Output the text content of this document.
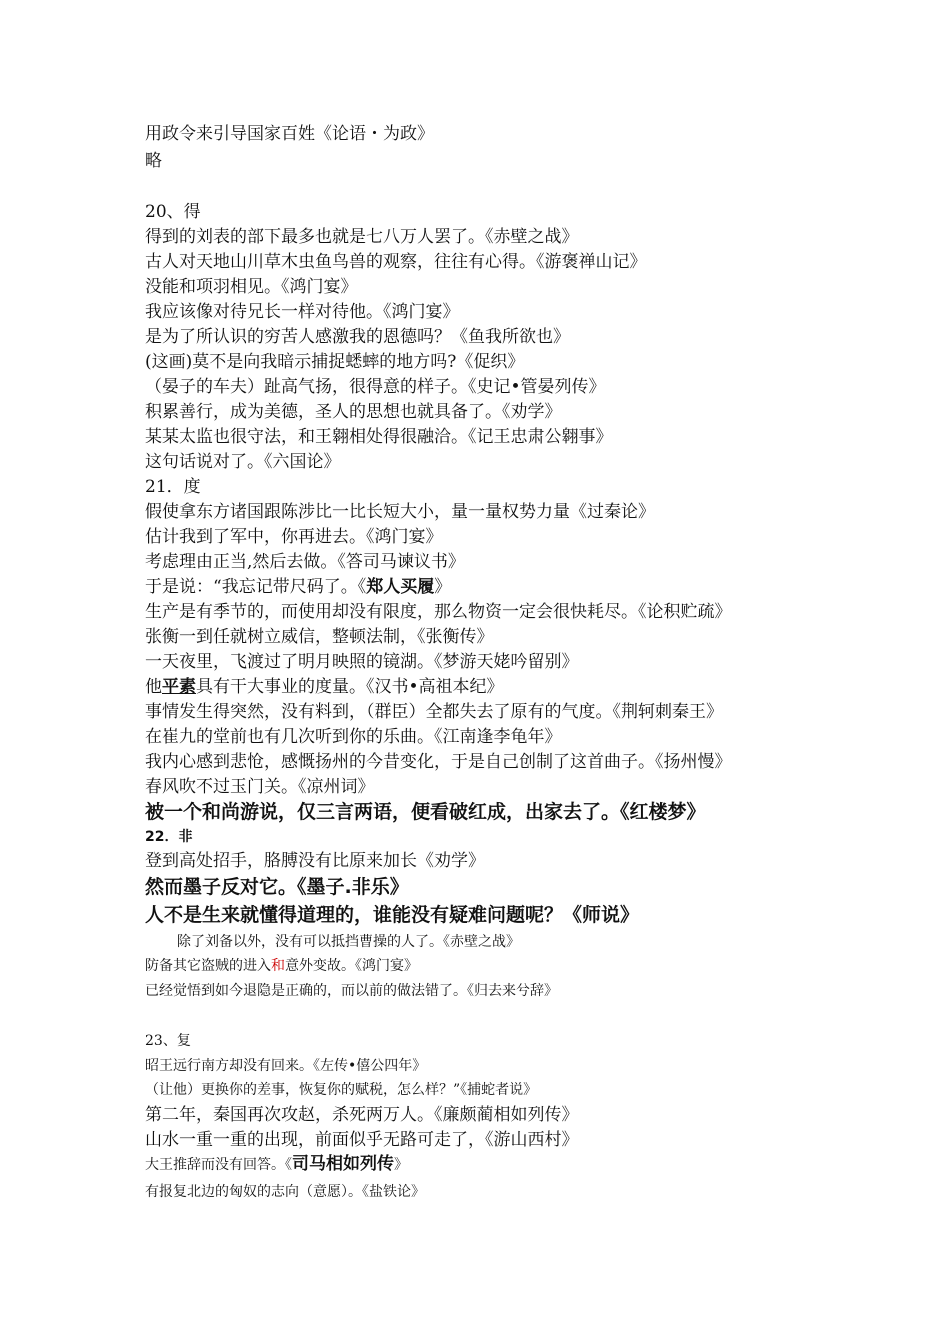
用政令来引导国家百姓《论语・为政》
略
20、得
得到的刘表的部下最多也就是七八万人罢了。《赤壁之战》
古人对天地山川草木虫鱼鸟兽的观察，往往有心得。《游褒禅山记》
没能和项羽相见。《鸿门宴》
我应该像对待兄长一样对待他。《鸿门宴》
是为了所认识的穷苦人感激我的恩德吗？《鱼我所欲也》
(这画)莫不是向我暗示捕捉蟋蟀的地方吗?《促织》
（晏子的车夫）趾高气扬，很得意的样子。《史记•管晏列传》
积累善行，成为美德，圣人的思想也就具备了。《劝学》
某某太监也很守法，和王翱相处得很融洽。《记王忠肃公翱事》
这句话说对了。《六国论》
21．度
假使拿东方诸国跟陈涉比一比长短大小，量一量权势力量《过秦论》
估计我到了军中，你再进去。《鸿门宴》
考虑理由正当,然后去做。《答司马谏议书》
于是说：“我忘记带尺码了。《郑人买履》
生产是有季节的，而使用却没有限度，那么物资一定会很快耗尽。《论积贮疏》
张衡一到任就树立威信，整顿法制，《张衡传》
一天夜里，飞渡过了明月映照的镜湖。《梦游天姥吟留别》
他平素具有干大事业的度量。《汉书•高祖本纪》
事情发生得突然，没有料到，（群臣）全都失去了原有的气度。《荆轲刺秦王》
在崔九的堂前也有几次听到你的乐曲。《江南逢李龟年》
我内心感到悲怆，感慨扬州的今昔变化，于是自己创制了这首曲子。《扬州慢》
春风吹不过玉门关。《凉州词》
被一个和尚游说，仅三言两语，便看破红成，出家去了。《红楼梦》
22．非
登到高处招手，胳膊没有比原来加长《劝学》
然而墨子反对它。《墨子.非乐》
人不是生来就懂得道理的，谁能没有疑难问题呢？《师说》
除了刘备以外，没有可以抵挡曹操的人了。《赤壁之战》
防备其它盗贼的进入和意外变故。《鸿门宴》
已经觉悟到如今退隐是正确的，而以前的做法错了。《归去来兮辞》
23、复
昭王远行南方却没有回来。《左传•僖公四年》
（让他）更换你的差事，恢复你的赋税，怎么样？”《捕蛇者说》
第二年，秦国再次攻赵，杀死两万人。《廉颇蔺相如列传》
山水一重一重的出现，前面似乎无路可走了，《游山西村》
大王推辞而没有回答。《司马相如列传》
有报复北边的匈奴的志向（意愿）。《盐铁论》
